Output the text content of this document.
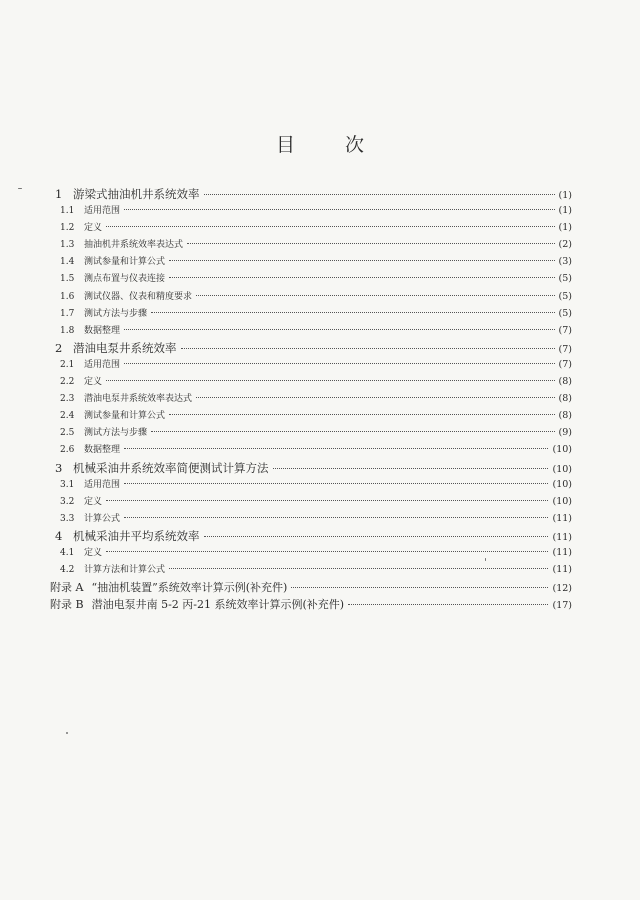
目	次
1 游梁式抽油机井系统效率	(1)
1.1	适用范围	(1)
1.2	定义	(1)
1.3	抽油机井系统效率表达式	(2)
1.4	测试参量和计算公式	(3)
1.5	测点布置与仪表连接	(5)
1.6	测试仪器、仪表和精度要求	(5)
1.7	测试方法与步骤	(5)
1.8	数据整理	(7)
2 潜油电泵井系统效率	(7)
2.1	适用范围	(7)
2.2	定义	(8)
2.3	潜油电泵井系统效率表达式	(8)
2.4	测试参量和计算公式	(8)
2.5	测试方法与步骤	(9)
2.6	数据整理	(10)
3 机械采油井系统效率简便测试计算方法	(10)
3.1	适用范围	(10)
3.2	定义	(10)
3.3	计算公式	(11)
4 机械采油井平均系统效率	(11)
4.1	定义	(11)
4.2	计算方法和计算公式	(11)
附录 A “抽油机装置”系统效率计算示例(补充件)	(12)
附录 B 潜油电泵井南 5-2 丙-21 系统效率计算示例(补充件)	(17)
